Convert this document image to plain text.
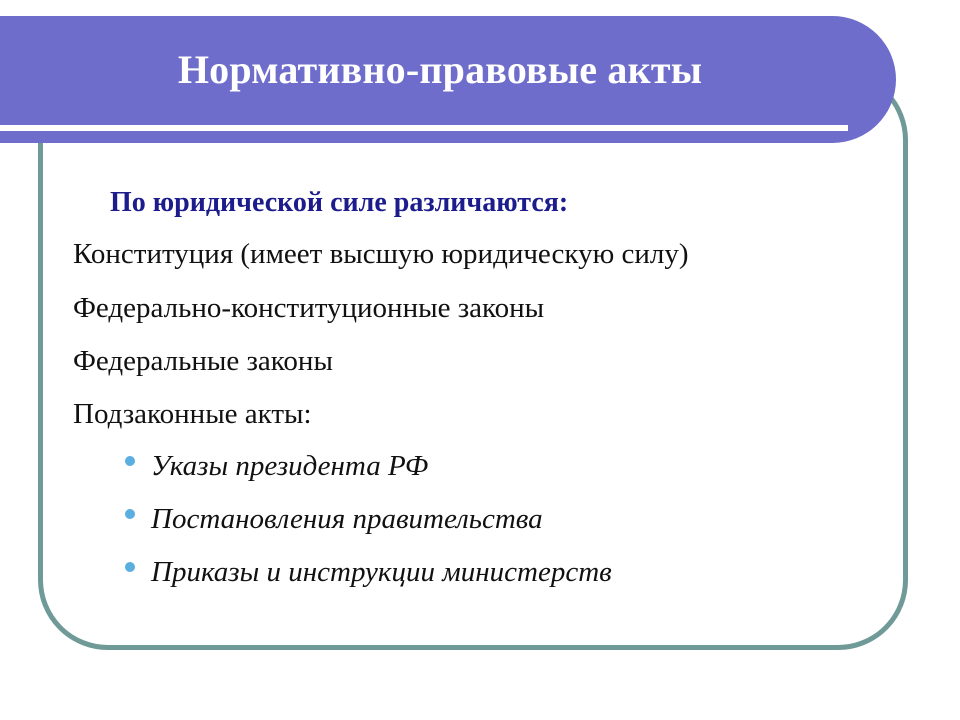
Нормативно-правовые акты
По юридической силе различаются:
Конституция (имеет высшую юридическую силу)
Федерально-конституционные законы
Федеральные законы
Подзаконные акты:
Указы президента РФ
Постановления правительства
Приказы и инструкции министерств
